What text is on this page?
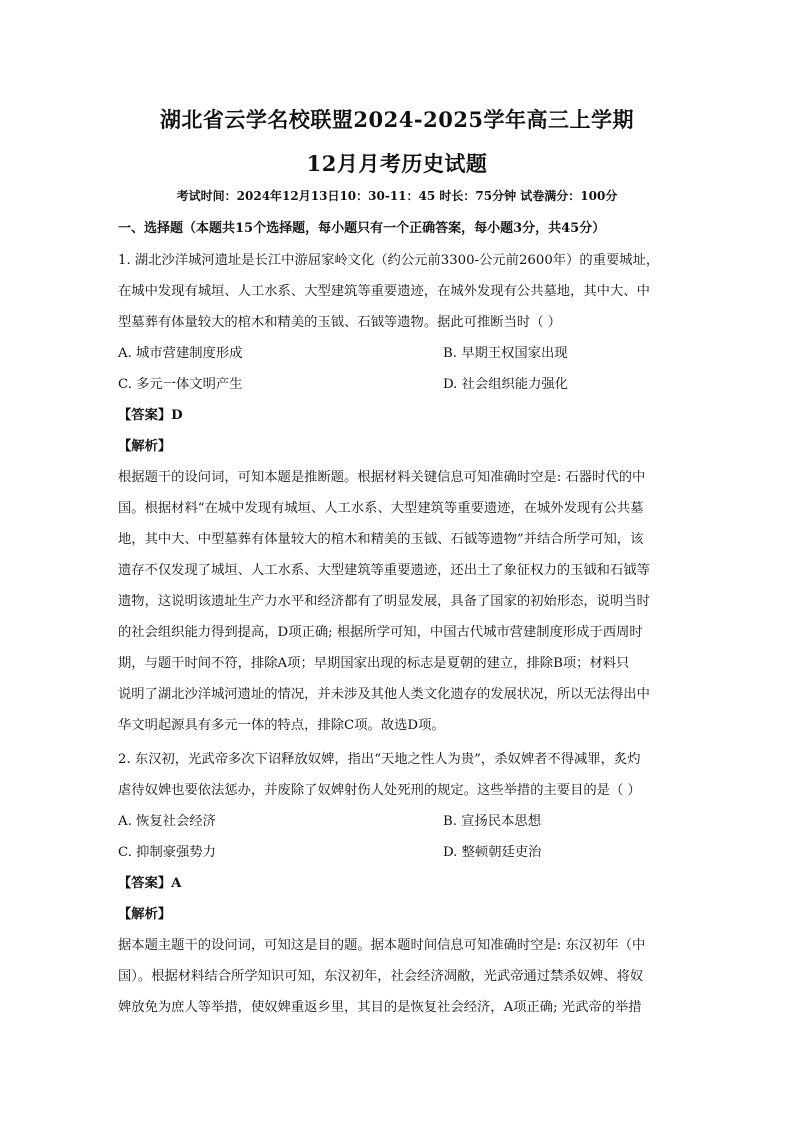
湖北省云学名校联盟2024-2025学年高三上学期
12月月考历史试题
考试时间：2024年12月13日10：30-11：45 时长：75分钟 试卷满分：100分
一、选择题（本题共15个选择题，每小题只有一个正确答案，每小题3分，共45分）
1. 湖北沙洋城河遗址是长江中游屈家岭文化（约公元前3300-公元前2600年）的重要城址，
在城中发现有城垣、人工水系、大型建筑等重要遗迹，在城外发现有公共墓地，其中大、中
型墓葬有体量较大的棺木和精美的玉钺、石钺等遗物。据此可推断当时（ ）
A. 城市营建制度形成	B. 早期王权国家出现
C. 多元一体文明产生	D. 社会组织能力强化
【答案】D
【解析】
根据题干的设问词，可知本题是推断题。根据材料关键信息可知准确时空是: 石器时代的中
国。根据材料“在城中发现有城垣、人工水系、大型建筑等重要遗迹，在城外发现有公共墓
地，其中大、中型墓葬有体量较大的棺木和精美的玉钺、石钺等遗物”并结合所学可知，该
遗存不仅发现了城垣、人工水系、大型建筑等重要遗迹，还出土了象征权力的玉钺和石钺等
遗物，这说明该遗址生产力水平和经济都有了明显发展，具备了国家的初始形态，说明当时
的社会组织能力得到提高，D项正确; 根据所学可知，中国古代城市营建制度形成于西周时
期，与题干时间不符，排除A项；早期国家出现的标志是夏朝的建立，排除B项；材料只
说明了湖北沙洋城河遗址的情况，并未涉及其他人类文化遗存的发展状况，所以无法得出中
华文明起源具有多元一体的特点，排除C项。故选D项。
2. 东汉初，光武帝多次下诏释放奴婢，指出“天地之性人为贵”，杀奴婢者不得减罪，炙灼
虐待奴婢也要依法惩办，并废除了奴婢射伤人处死刑的规定。这些举措的主要目的是（ ）
A. 恢复社会经济	B. 宣扬民本思想
C. 抑制豪强势力	D. 整顿朝廷吏治
【答案】A
【解析】
据本题主题干的设问词，可知这是目的题。据本题时间信息可知准确时空是: 东汉初年（中
国）。根据材料结合所学知识可知，东汉初年，社会经济凋敝，光武帝通过禁杀奴婢、将奴
婢放免为庶人等举措，使奴婢重返乡里，其目的是恢复社会经济，A项正确; 光武帝的举措
